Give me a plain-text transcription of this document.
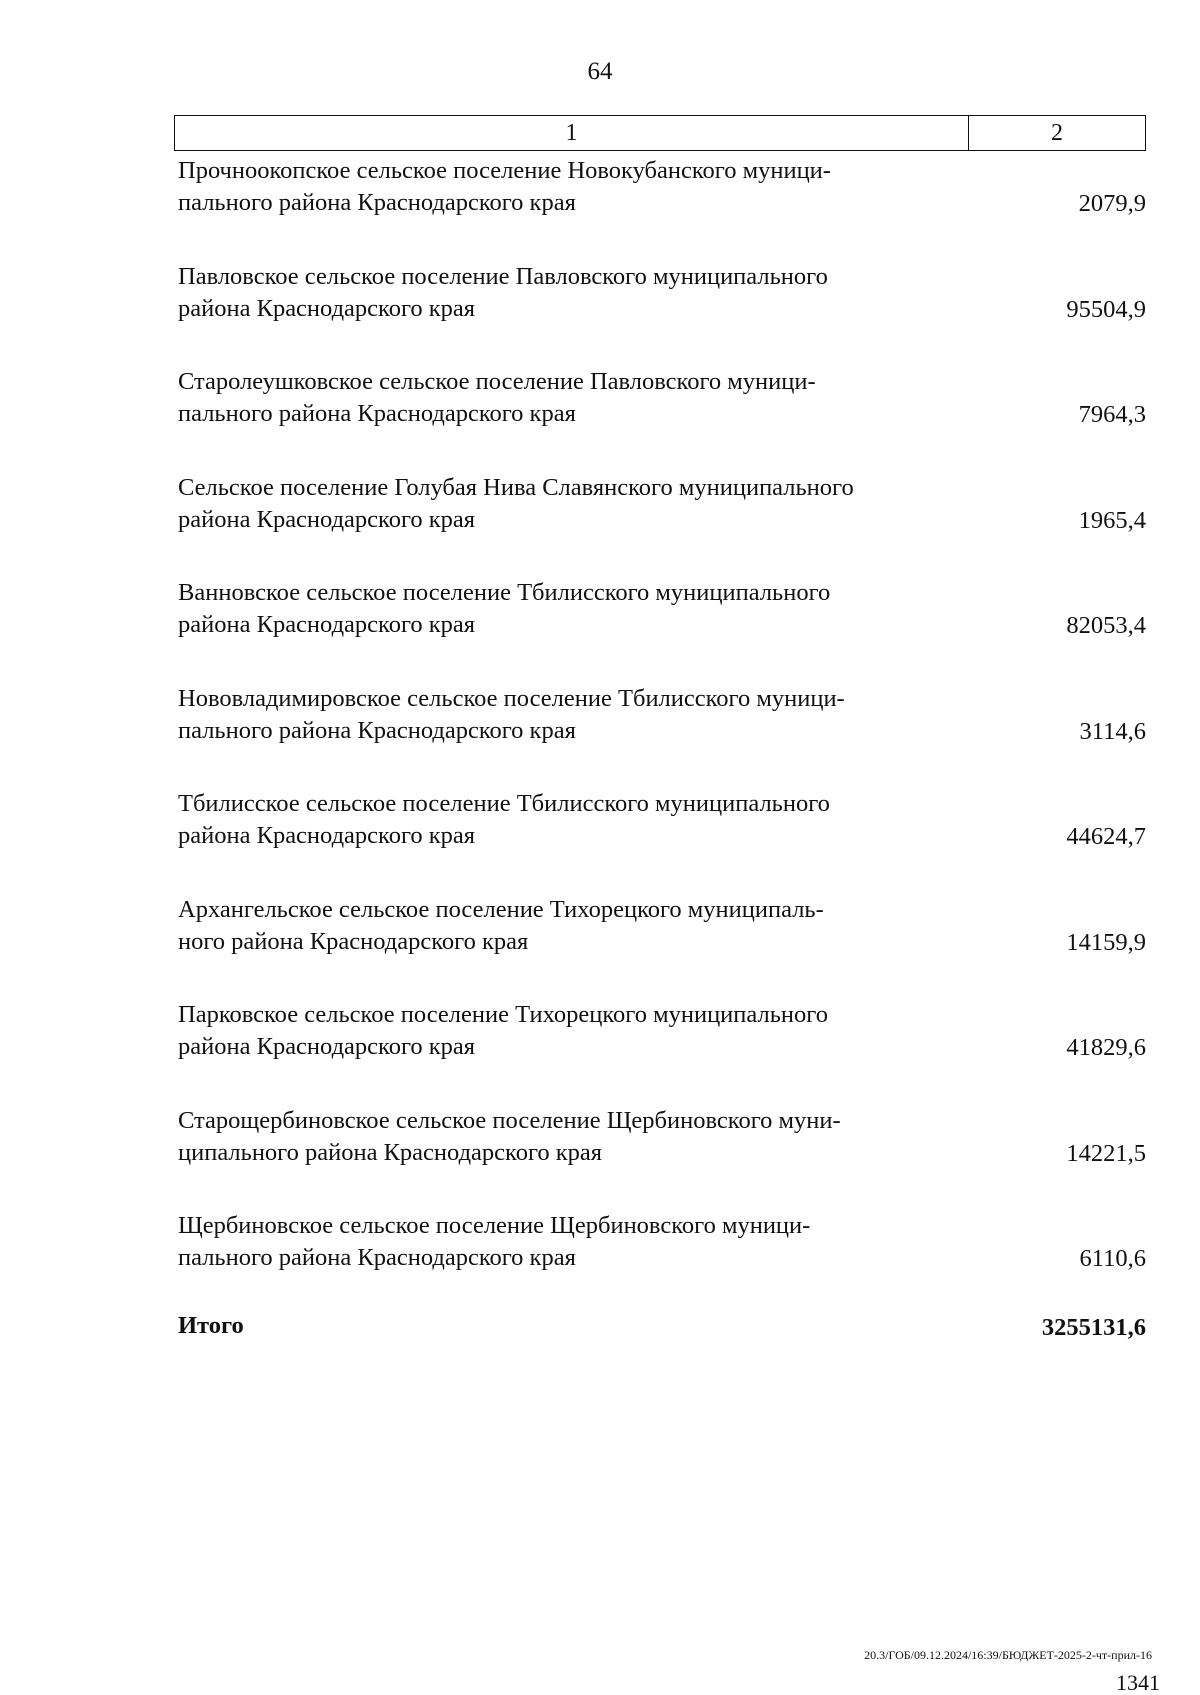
64
1	2
Прочноокопское сельское поселение Новокубанского муници-
пального района Краснодарского края	2079,9
Павловское сельское поселение Павловского муниципального
района Краснодарского края	95504,9
Старолеушковское сельское поселение Павловского муници-
пального района Краснодарского края	7964,3
Сельское поселение Голубая Нива Славянского муниципального
района Краснодарского края	1965,4
Ванновское сельское поселение Тбилисского муниципального
района Краснодарского края	82053,4
Нововладимировское сельское поселение Тбилисского муници-
пального района Краснодарского края	3114,6
Тбилисское сельское поселение Тбилисского муниципального
района Краснодарского края	44624,7
Архангельское сельское поселение Тихорецкого муниципаль-
ного района Краснодарского края	14159,9
Парковское сельское поселение Тихорецкого муниципального
района Краснодарского края	41829,6
Старощербиновское сельское поселение Щербиновского муни-
ципального района Краснодарского края	14221,5
Щербиновское сельское поселение Щербиновского муници-
пального района Краснодарского края	6110,6
Итого	3255131,6
20.3/ГОБ/09.12.2024/16:39/БЮДЖЕТ-2025-2-чт-прил-16
1341
